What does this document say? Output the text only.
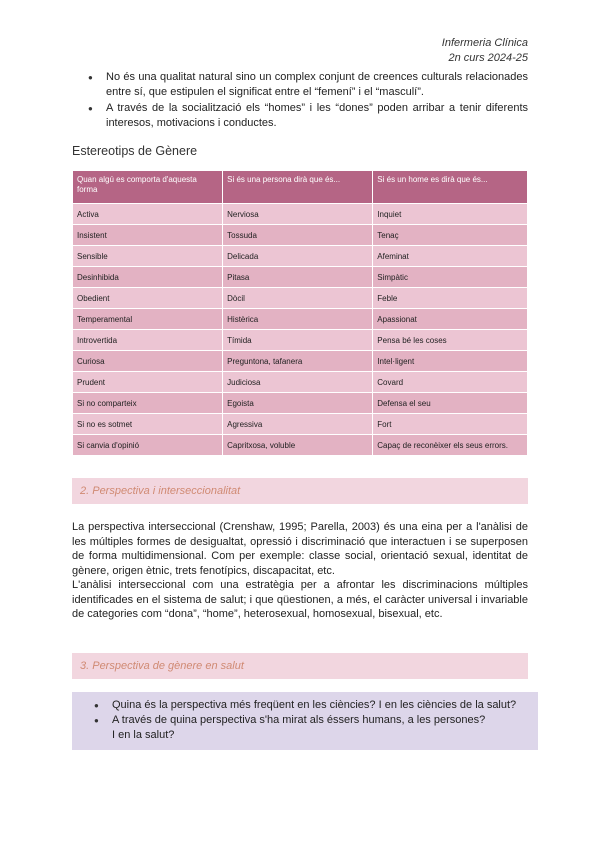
Infermeria Clínica
2n curs 2024-25
● No és una qualitat natural sino un complex conjunt de creences culturals relacionades entre sí, que estipulen el significat entre el “femení” i el “masculí”.
● A través de la socialització els “homes” i les “dones” poden arribar a tenir diferents interesos, motivacions i conductes.
Estereotips de Gènere
Quan algú es comporta d'aquesta forma	Si és una persona dirà que és...	Si és un home es dirà que és...
Activa	Nerviosa	Inquiet
Insistent	Tossuda	Tenaç
Sensible	Delicada	Afeminat
Desinhibida	Pitasa	Simpàtic
Obedient	Dòcil	Feble
Temperamental	Histèrica	Apassionat
Introvertida	Tímida	Pensa bé les coses
Curiosa	Preguntona, tafanera	Intel·ligent
Prudent	Judiciosa	Covard
Si no comparteix	Egoista	Defensa el seu
Si no es sotmet	Agressiva	Fort
Si canvia d'opinió	Capritxosa, voluble	Capaç de reconèixer els seus errors.
2. Perspectiva i interseccionalitat

La perspectiva interseccional (Crenshaw, 1995; Parella, 2003) és una eina per a l'anàlisi de les múltiples formes de desigualtat, opressió i discriminació que interactuen i se superposen de forma multidimensional. Com per exemple: classe social, orientació sexual, identitat de gènere, origen ètnic, trets fenotípics, discapacitat, etc.

L'anàlisi interseccional com una estratègia per a afrontar les discriminacions múltiples identificades en el sistema de salut; i que qüestionen, a més, el caràcter universal i invariable de categories com “dona”, “home”, heterosexual, homosexual, bisexual, etc.

3. Perspectiva de gènere en salut
● Quina és la perspectiva més freqüent en les ciències? I en les ciències de la salut?
● A través de quina perspectiva s'ha mirat als éssers humans, a les persones?
I en la salut?
